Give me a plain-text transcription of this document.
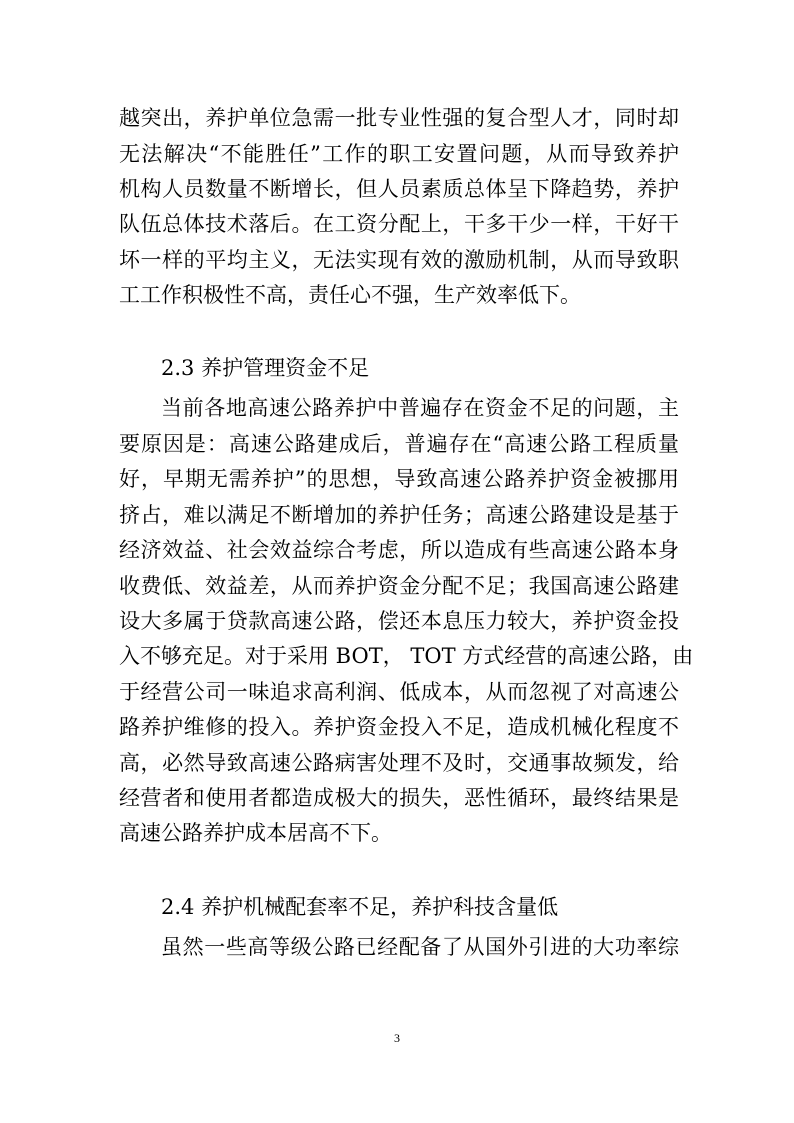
越突出，养护单位急需一批专业性强的复合型人才，同时却
无法解决“不能胜任”工作的职工安置问题，从而导致养护
机构人员数量不断增长，但人员素质总体呈下降趋势，养护
队伍总体技术落后。在工资分配上，干多干少一样，干好干
坏一样的平均主义，无法实现有效的激励机制，从而导致职
工工作积极性不高，责任心不强，生产效率低下。
2.3 养护管理资金不足
当前各地高速公路养护中普遍存在资金不足的问题，主
要原因是：高速公路建成后，普遍存在“高速公路工程质量
好，早期无需养护”的思想，导致高速公路养护资金被挪用
挤占，难以满足不断增加的养护任务；高速公路建设是基于
经济效益、社会效益综合考虑，所以造成有些高速公路本身
收费低、效益差，从而养护资金分配不足；我国高速公路建
设大多属于贷款高速公路，偿还本息压力较大，养护资金投
入不够充足。对于采用 BOT， TOT 方式经营的高速公路，由
于经营公司一味追求高利润、低成本，从而忽视了对高速公
路养护维修的投入。养护资金投入不足，造成机械化程度不
高，必然导致高速公路病害处理不及时，交通事故频发，给
经营者和使用者都造成极大的损失，恶性循环，最终结果是
高速公路养护成本居高不下。
2.4 养护机械配套率不足，养护科技含量低
虽然一些高等级公路已经配备了从国外引进的大功率综
3
